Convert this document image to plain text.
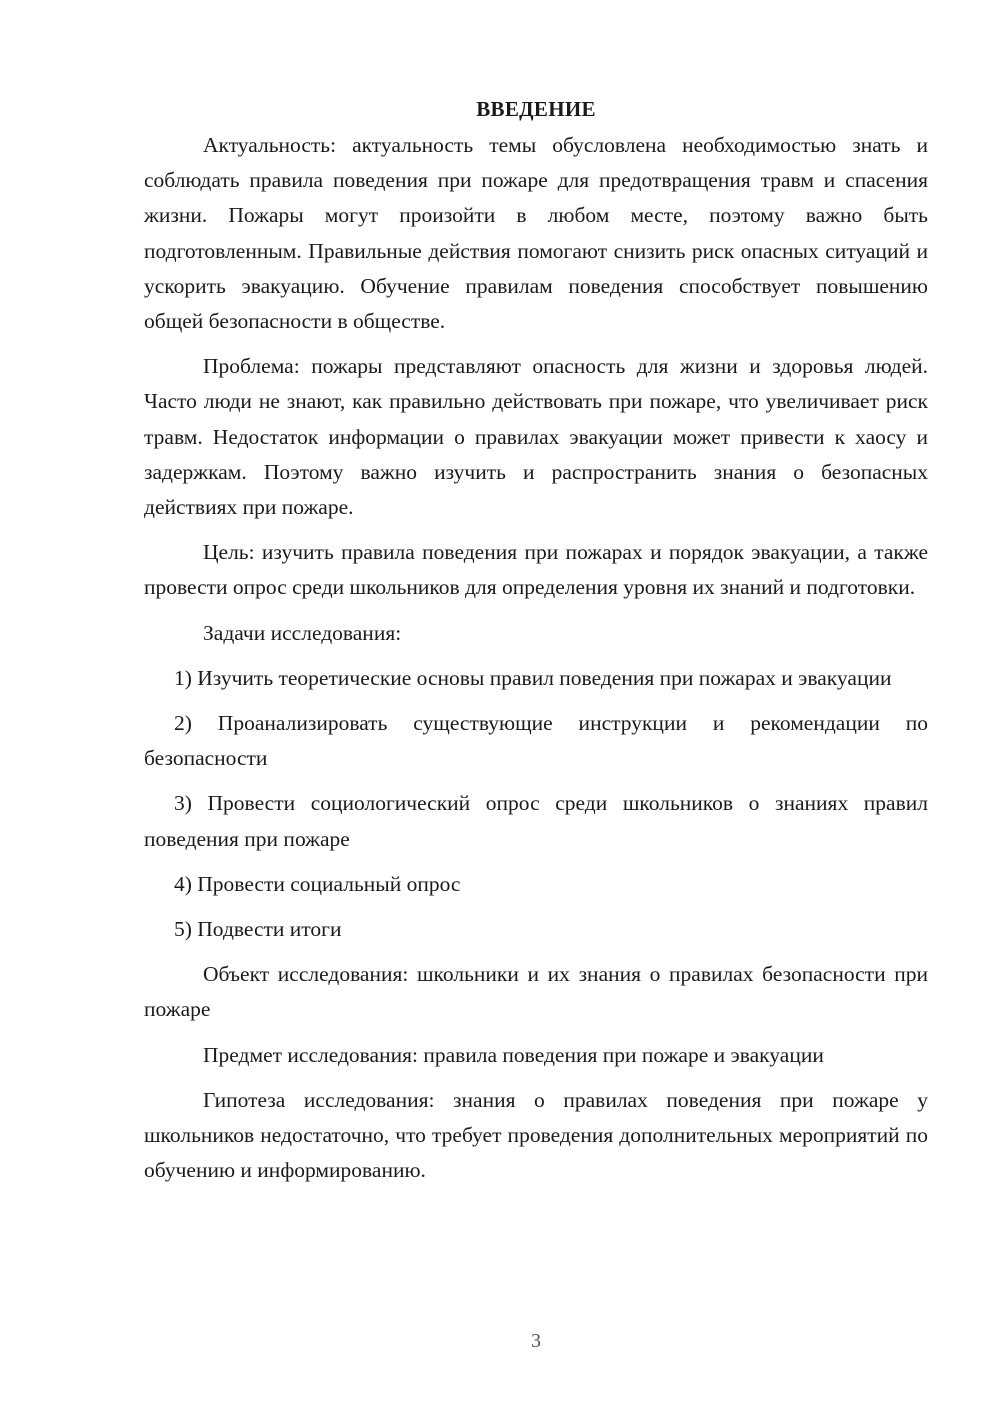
ВВЕДЕНИЕ

Актуальность: актуальность темы обусловлена необходимостью знать и соблюдать правила поведения при пожаре для предотвращения травм и спасения жизни. Пожары могут произойти в любом месте, поэтому важно быть подготовленным. Правильные действия помогают снизить риск опасных ситуаций и ускорить эвакуацию. Обучение правилам поведения способствует повышению общей безопасности в обществе.

Проблема: пожары представляют опасность для жизни и здоровья людей. Часто люди не знают, как правильно действовать при пожаре, что увеличивает риск травм. Недостаток информации о правилах эвакуации может привести к хаосу и задержкам. Поэтому важно изучить и распространить знания о безопасных действиях при пожаре.

Цель: изучить правила поведения при пожарах и порядок эвакуации, а также провести опрос среди школьников для определения уровня их знаний и подготовки.

Задачи исследования:

1) Изучить теоретические основы правил поведения при пожарах и эвакуации

2) Проанализировать существующие инструкции и рекомендации по безопасности

3) Провести социологический опрос среди школьников о знаниях правил поведения при пожаре

4) Провести социальный опрос

5) Подвести итоги

Объект исследования: школьники и их знания о правилах безопасности при пожаре

Предмет исследования: правила поведения при пожаре и эвакуации

Гипотеза исследования: знания о правилах поведения при пожаре у школьников недостаточно, что требует проведения дополнительных мероприятий по обучению и информированию.

3
